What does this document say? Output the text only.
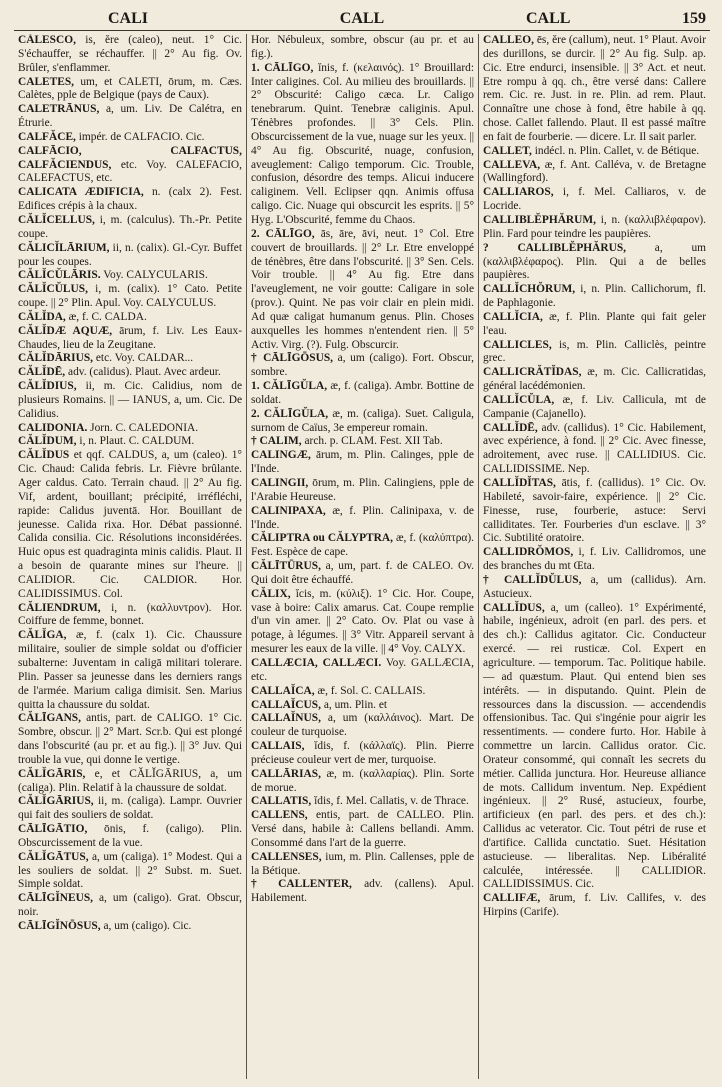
CALI	CALL	CALL	159

CĂLESCO, is, ĕre (caleo), neut. 1° Cic. S'échauffer, se réchauffer. || 2° Au fig. Ov. Brûler, s'enflammer.

CALETES, um, et CALETI, ōrum, m. Cæs. Calètes, pple de Belgique (pays de Caux).

CALETRĀNUS, a, um. Liv. De Calétra, en Étrurie.

CALFĂCE, impér. de CALFACIO. Cic.

CALFĀCIO, CALFACTUS, CALFĂCIENDUS, etc. Voy. CALEFACIO, CALEFACTUS, etc.

CALICATA ÆDIFICIA, n. (calx 2). Fest. Edifices crépis à la chaux.

CĂLĬCELLUS, i, m. (calculus). Th.-Pr. Petite coupe.

CĂLICĬLĀRIUM, ii, n. (calix). Gl.-Cyr. Buffet pour les coupes.

CĂLĬCŬLĀRIS. Voy. CALYCULARIS.

CĂLĬCŬLUS, i, m. (calix). 1° Cato. Petite coupe. || 2° Plin. Apul. Voy. CALYCULUS.

CĂLĬDA, æ, f. C. CALDA.

CĂLĬDÆ AQUÆ, ārum, f. Liv. Les Eaux-Chaudes, lieu de la Zeugitane.

CĂLĬDĀRIUS, etc. Voy. CALDAR...

CĂLĬDĒ, adv. (calidus). Plaut. Avec ardeur.

CĂLĬDIUS, ii, m. Cic. Calidius, nom de plusieurs Romains. || — IANUS, a, um. Cic. De Calidius.

CALIDONIA. Jorn. C. CALEDONIA.

CĂLĬDUM, i, n. Plaut. C. CALDUM.

CĂLĬDUS et qqf. CALDUS, a, um (caleo). 1° Cic. Chaud: Calida febris. Lr. Fièvre brûlante. Ager caldus. Cato. Terrain chaud. || 2° Au fig. Vif, ardent, bouillant; précipité, irréfléchi, rapide: Calidus juventā. Hor. Bouillant de jeunesse. Calida rixa. Hor. Débat passionné. Calida consilia. Cic. Résolutions inconsidérées. Huic opus est quadraginta minis calidis. Plaut. Il a besoin de quarante mines sur l'heure. || CALIDIOR. Cic. CALDIOR. Hor. CALIDISSIMUS. Col.

CĂLIENDRUM, i, n. (καλλυντρον). Hor. Coiffure de femme, bonnet.

CĂLĬGA, æ, f. (calx 1). Cic. Chaussure militaire, soulier de simple soldat ou d'officier subalterne: Juventam in caligā militari tolerare. Plin. Passer sa jeunesse dans les derniers rangs de l'armée. Marium caliga dimisit. Sen. Marius quitta la chaussure du soldat.

CĂLĪGANS, antis, part. de CALIGO. 1° Cic. Sombre, obscur. || 2° Mart. Scr.b. Qui est plongé dans l'obscurité (au pr. et au fig.). || 3° Juv. Qui trouble la vue, qui donne le vertige.

CĂLĬGĀRIS, e, et CĂLĬGĀRIUS, a, um (caliga). Plin. Relatif à la chaussure de soldat.

CĂLĬGĀRIUS, ii, m. (caliga). Lampr. Ouvrier qui fait des souliers de soldat.

CĀLĪGĀTIO, ōnis, f. (caligo). Plin. Obscurcissement de la vue.

CĂLĬGĀTUS, a, um (caliga). 1° Modest. Qui a les souliers de soldat. || 2° Subst. m. Suet. Simple soldat.

CĀLĪGĬNEUS, a, um (caligo). Grat. Obscur, noir.

CĀLĪGĬNŌSUS, a, um (caligo). Cic.

Hor. Nébuleux, sombre, obscur (au pr. et au fig.).

1. CĀLĪGO, ĭnis, f. (κελαινός). 1° Brouillard: Inter caligines. Col. Au milieu des brouillards. || 2° Obscurité: Caligo cæca. Lr. Caligo tenebrarum. Quint. Tenebræ caliginis. Apul. Ténèbres profondes. || 3° Cels. Plin. Obscurcissement de la vue, nuage sur les yeux. || 4° Au fig. Obscurité, nuage, confusion, aveuglement: Caligo temporum. Cic. Trouble, confusion, désordre des temps. Alicui inducere caliginem. Vell. Eclipser qqn. Animis offusa caligo. Cic. Nuage qui obscurcit les esprits. || 5° Hyg. L'Obscurité, femme du Chaos.

2. CĀLĪGO, ās, āre, āvi, neut. 1° Col. Etre couvert de brouillards. || 2° Lr. Etre enveloppé de ténèbres, être dans l'obscurité. || 3° Sen. Cels. Voir trouble. || 4° Au fig. Etre dans l'aveuglement, ne voir goutte: Caligare in sole (prov.). Quint. Ne pas voir clair en plein midi. Ad quæ caligat humanum genus. Plin. Choses auxquelles les hommes n'entendent rien. || 5° Activ. Virg. (?). Fulg. Obscurcir.

† CĀLĪGŌSUS, a, um (caligo). Fort. Obscur, sombre.

1. CĂLĪGŬLA, æ, f. (caliga). Ambr. Bottine de soldat.

2. CĂLĪGŬLA, æ, m. (caliga). Suet. Caligula, surnom de Caïus, 3e empereur romain.

† CALIM, arch. p. CLAM. Fest. XII Tab.

CALINGÆ, ārum, m. Plin. Calinges, pple de l'Inde.

CALINGII, ōrum, m. Plin. Calingiens, pple de l'Arabie Heureuse.

CALINIPAXA, æ, f. Plin. Calinipaxa, v. de l'Inde.

CĂLIPTRA ou CĂLYPTRA, æ, f. (καλύπτρα). Fest. Espèce de cape.

CĂLĪTŪRUS, a, um, part. f. de CALEO. Ov. Qui doit être échauffé.

CĂLIX, ĭcis, m. (κύλιξ). 1° Cic. Hor. Coupe, vase à boire: Calix amarus. Cat. Coupe remplie d'un vin amer. || 2° Cato. Ov. Plat ou vase à potage, à légumes. || 3° Vitr. Appareil servant à mesurer les eaux de la ville. || 4° Voy. CALYX.

CALLÆCIA, CALLÆCI. Voy. GALLÆCIA, etc.

CALLAĬCA, æ, f. Sol. C. CALLAIS.

CALLAĬCUS, a, um. Plin. et

CALLAĬNUS, a, um (καλλάινος). Mart. De couleur de turquoise.

CALLAIS, ĭdis, f. (κάλλαϊς). Plin. Pierre précieuse couleur vert de mer, turquoise.

CALLĀRIAS, æ, m. (καλλαρίας). Plin. Sorte de morue.

CALLATIS, ĭdis, f. Mel. Callatis, v. de Thrace.

CALLENS, entis, part. de CALLEO. Plin. Versé dans, habile à: Callens bellandi. Amm. Consommé dans l'art de la guerre.

CALLENSES, ium, m. Plin. Callenses, pple de la Bétique.

† CALLENTER, adv. (callens). Apul. Habilement.

CALLEO, ēs, ĕre (callum), neut. 1° Plaut. Avoir des durillons, se durcir. || 2° Au fig. Sulp. ap. Cic. Etre endurci, insensible. || 3° Act. et neut. Etre rompu à qq. ch., être versé dans: Callere rem. Cic. re. Just. in re. Plin. ad rem. Plaut. Connaître une chose à fond, être habile à qq. chose. Callet fallendo. Plaut. Il est passé maître en fait de fourberie. — dicere. Lr. Il sait parler.

CALLET, indécl. n. Plin. Callet, v. de Bétique.

CALLEVA, æ, f. Ant. Calléva, v. de Bretagne (Wallingford).

CALLIAROS, i, f. Mel. Calliaros, v. de Locride.

CALLIBLĔPHĂRUM, i, n. (καλλιβλέφαρον). Plin. Fard pour teindre les paupières.

? CALLIBLĔPHĂRUS,	a, um (καλλιβλέφαρος). Plin. Qui a de belles paupières.

CALLĬCHŎRUM, i, n. Plin. Callichorum, fl. de Paphlagonie.

CALLĬCIA, æ, f. Plin. Plante qui fait geler l'eau.

CALLICLES, is, m. Plin. Calliclès, peintre grec.

CALLICRĂTĬDAS, æ, m. Cic. Callicratidas, général lacédémonien.

CALLĬCŬLA, æ, f. Liv. Callicula, mt de Campanie (Cajanello).

CALLĬDĒ, adv. (callidus). 1° Cic. Habilement, avec expérience, à fond. || 2° Cic. Avec finesse, adroitement, avec ruse. || CALLIDIUS. Cic. CALLIDISSIME. Nep.

CALLĬDĬTAS, ātis, f. (callidus). 1° Cic. Ov. Habileté, savoir-faire, expérience. || 2° Cic. Finesse, ruse, fourberie, astuce: Servi calliditates. Ter. Fourberies d'un esclave. || 3° Cic. Subtilité oratoire.

CALLIDRŎMOS, i, f. Liv. Callidromos, une des branches du mt Œta.

† CALLĬDŬLUS, a, um (callidus). Arn. Astucieux.

CALLĬDUS, a, um (calleo). 1° Expérimenté, habile, ingénieux, adroit (en parl. des pers. et des ch.): Callidus agitator. Cic. Conducteur exercé. — rei rusticæ. Col. Expert en agriculture. — temporum. Tac. Politique habile. — ad quæstum. Plaut. Qui entend bien ses intérêts. — in disputando. Quint. Plein de ressources dans la discussion. — accendendis offensionibus. Tac. Qui s'ingénie pour aigrir les ressentiments. — condere furto. Hor. Habile à commettre un larcin. Callidus orator. Cic. Orateur consommé, qui connaît les secrets du métier. Callida junctura. Hor. Heureuse alliance de mots. Callidum inventum. Nep. Expédient ingénieux. || 2° Rusé, astucieux, fourbe, artificieux (en parl. des pers. et des ch.): Callidus ac veterator. Cic. Tout pétri de ruse et d'artifice. Callida cunctatio. Suet. Hésitation astucieuse. — liberalitas. Nep. Libéralité calculée, intéressée. || CALLIDIOR. CALLIDISSIMUS. Cic.

CALLIFÆ, ārum, f. Liv. Callifes, v. des Hirpins (Carife).
